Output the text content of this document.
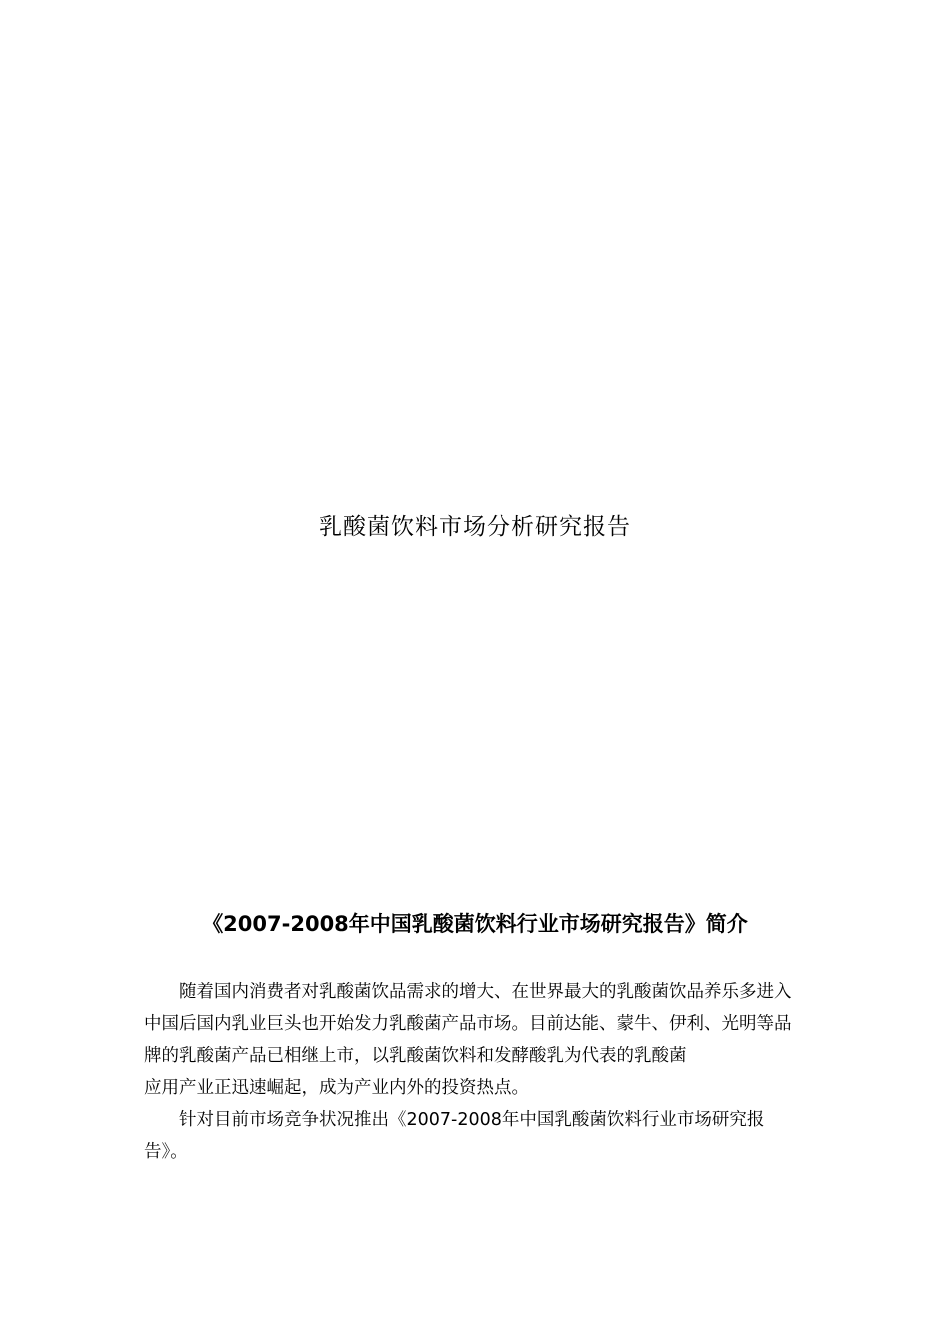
乳酸菌饮料市场分析研究报告
《2007-2008年中国乳酸菌饮料行业市场研究报告》简介

随着国内消费者对乳酸菌饮品需求的增大、在世界最大的乳酸菌饮品养乐多进入中国后国内乳业巨头也开始发力乳酸菌产品市场。目前达能、蒙牛、伊利、光明等品牌的乳酸菌产品已相继上市，以乳酸菌饮料和发酵酸乳为代表的乳酸菌

应用产业正迅速崛起，成为产业内外的投资热点。

针对目前市场竞争状况推出《2007-2008年中国乳酸菌饮料行业市场研究报告》。
